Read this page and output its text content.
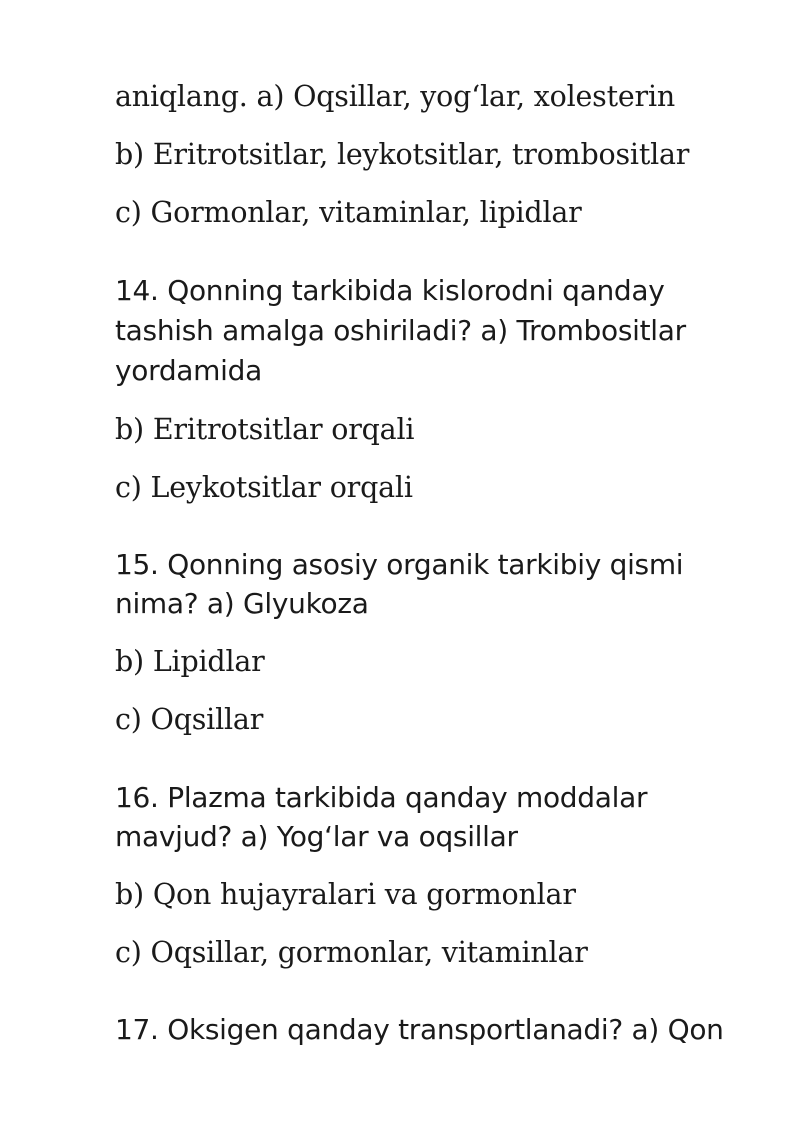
aniqlang. a) Oqsillar, yog‘lar, xolesterin
b) Eritrotsitlar, leykotsitlar, trombositlar
c) Gormonlar, vitaminlar, lipidlar
14. Qonning tarkibida kislorodni qanday
tashish amalga oshiriladi? a) Trombositlar
yordamida
b) Eritrotsitlar orqali
c) Leykotsitlar orqali
15. Qonning asosiy organik tarkibiy qismi
nima? a) Glyukoza
b) Lipidlar
c) Oqsillar
16. Plazma tarkibida qanday moddalar
mavjud? a) Yog‘lar va oqsillar
b) Qon hujayralari va gormonlar
c) Oqsillar, gormonlar, vitaminlar
17. Oksigen qanday transportlanadi? a) Qon
